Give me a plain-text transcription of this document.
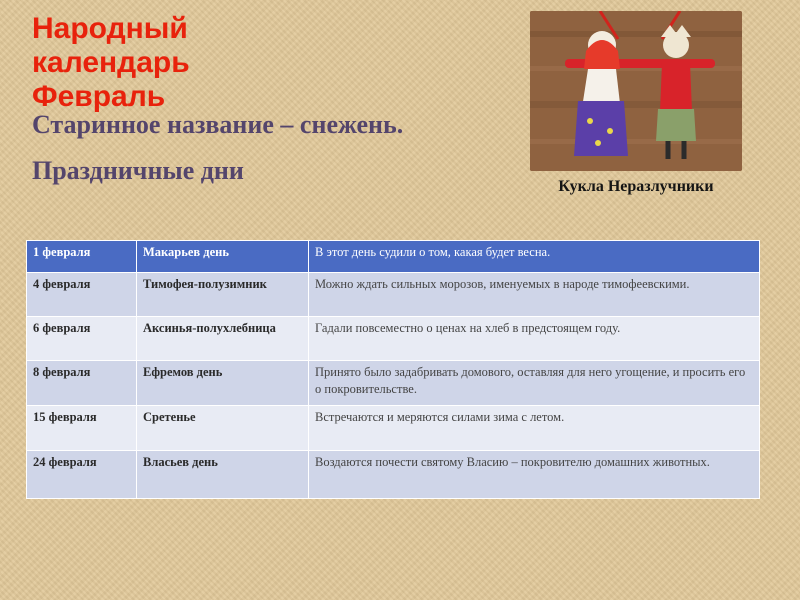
Народный
календарь
Февраль

Старинное название – снежень.

Праздничные дни

Кукла Неразлучники

1 февраля	Макарьев день	В этот день судили о том, какая будет весна.
4 февраля	Тимофея-полузимник	Можно ждать сильных морозов, именуемых в народе тимофеевскими.
6 февраля	Аксинья-полухлебница	Гадали повсеместно о ценах на хлеб в предстоящем году.
8 февраля	Ефремов день	Принято было задабривать домового, оставляя для него угощение, и просить его о покровительстве.
15 февраля	Сретенье	Встречаются и меряются силами зима с летом.
24 февраля	Власьев день	Воздаются почести святому Власию – покровителю домашних животных.
